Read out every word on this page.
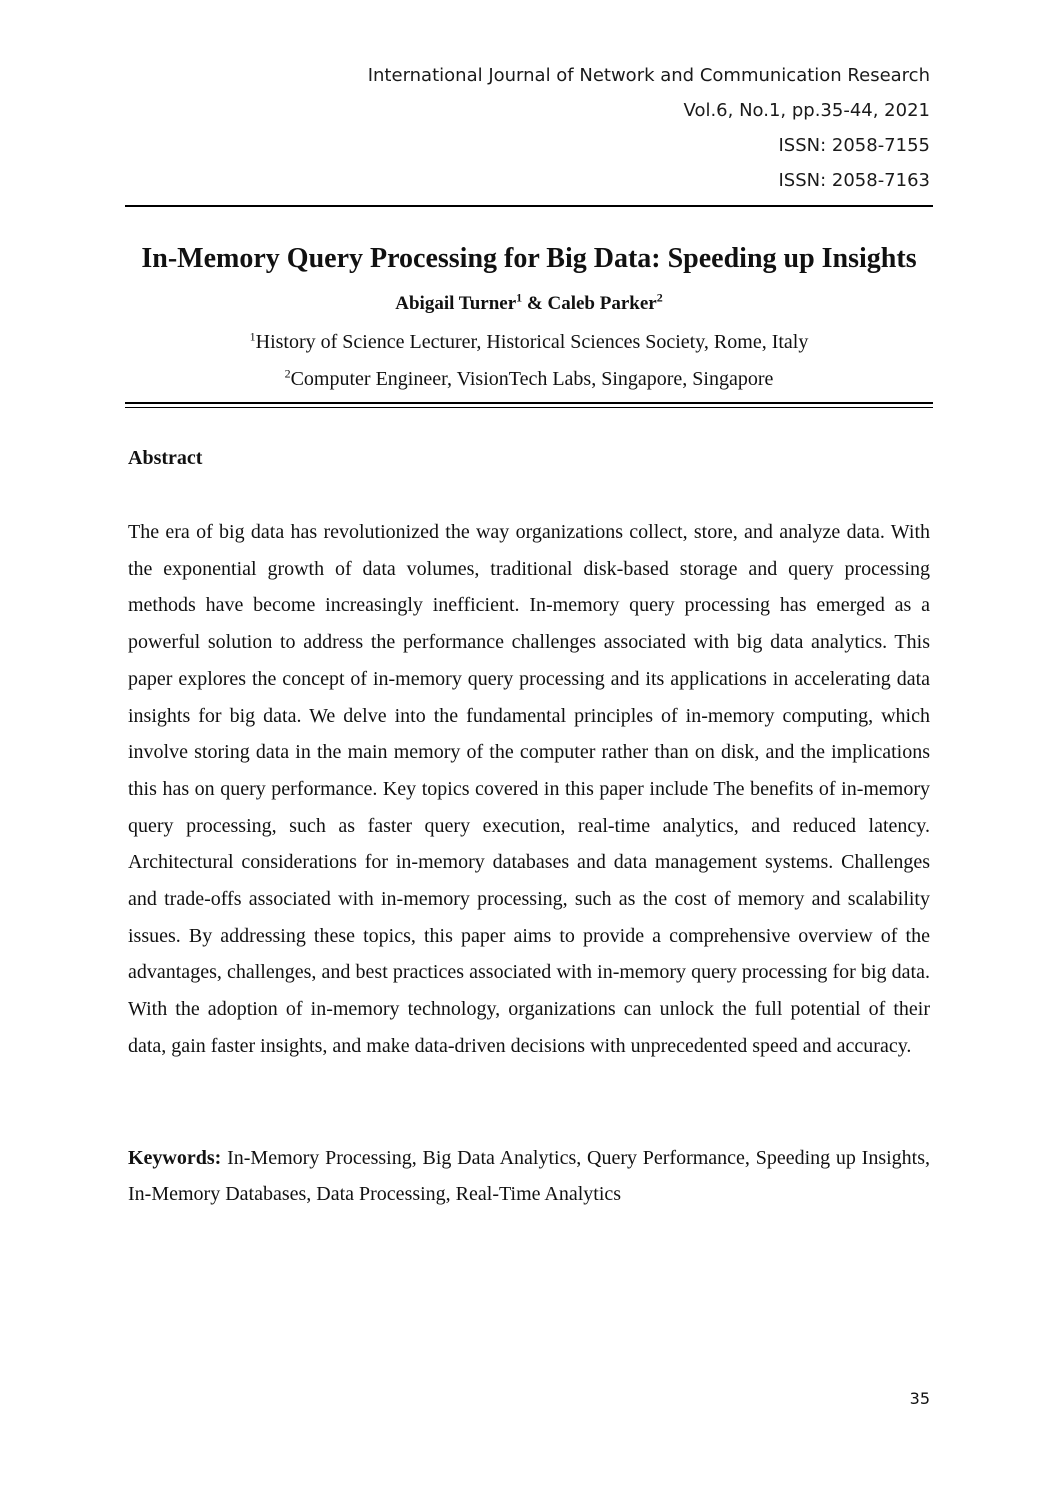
International Journal of Network and Communication Research
Vol.6, No.1, pp.35-44, 2021
ISSN: 2058-7155
ISSN: 2058-7163
In-Memory Query Processing for Big Data: Speeding up Insights
Abigail Turner$^1$ & Caleb Parker$^2$
$^1$History of Science Lecturer, Historical Sciences Society, Rome, Italy
$^2$Computer Engineer, VisionTech Labs, Singapore, Singapore
Abstract

The era of big data has revolutionized the way organizations collect, store, and analyze data. With the exponential growth of data volumes, traditional disk-based storage and query processing methods have become increasingly inefficient. In-memory query processing has emerged as a powerful solution to address the performance challenges associated with big data analytics. This paper explores the concept of in-memory query processing and its applications in accelerating data insights for big data. We delve into the fundamental principles of in-memory computing, which involve storing data in the main memory of the computer rather than on disk, and the implications this has on query performance. Key topics covered in this paper include The benefits of in-memory query processing, such as faster query execution, real-time analytics, and reduced latency. Architectural considerations for in-memory databases and data management systems. Challenges and trade-offs associated with in-memory processing, such as the cost of memory and scalability issues. By addressing these topics, this paper aims to provide a comprehensive overview of the advantages, challenges, and best practices associated with in-memory query processing for big data. With the adoption of in-memory technology, organizations can unlock the full potential of their data, gain faster insights, and make data-driven decisions with unprecedented speed and accuracy.

Keywords: In-Memory Processing, Big Data Analytics, Query Performance, Speeding up Insights, In-Memory Databases, Data Processing, Real-Time Analytics

35
